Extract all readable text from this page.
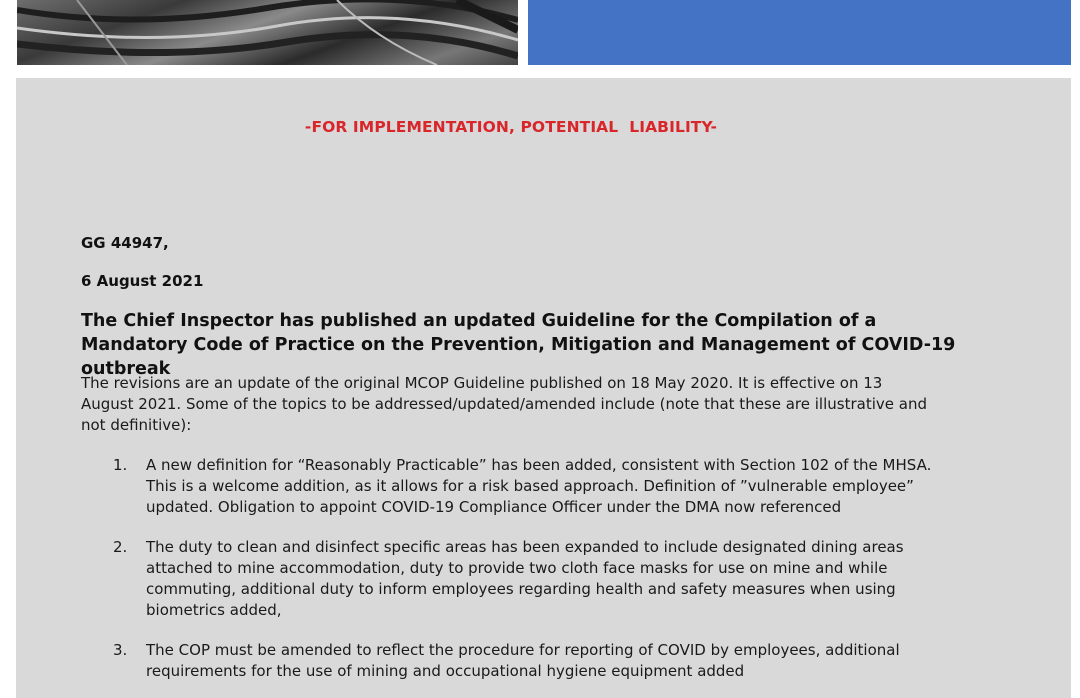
-FOR IMPLEMENTATION, POTENTIAL  LIABILITY-
GG 44947,
6 August 2021
The Chief Inspector has published an updated Guideline for the Compilation of a Mandatory Code of Practice on the Prevention, Mitigation and Management of COVID-19 outbreak
The revisions are an update of the original MCOP Guideline published on 18 May 2020. It is effective on 13 August 2021. Some of the topics to be addressed/updated/amended include (note that these are illustrative and not definitive):
1. A new definition for “Reasonably Practicable” has been added, consistent with Section 102 of the MHSA. This is a welcome addition, as it allows for a risk based approach. Definition of ”vulnerable employee” updated. Obligation to appoint COVID-19 Compliance Officer under the DMA now referenced
2. The duty to clean and disinfect specific areas has been expanded to include designated dining areas attached to mine accommodation, duty to provide two cloth face masks for use on mine and while commuting, additional duty to inform employees regarding health and safety measures when using biometrics added,
3. The COP must be amended to reflect the procedure for reporting of COVID by employees, additional requirements for the use of mining and occupational hygiene equipment added
